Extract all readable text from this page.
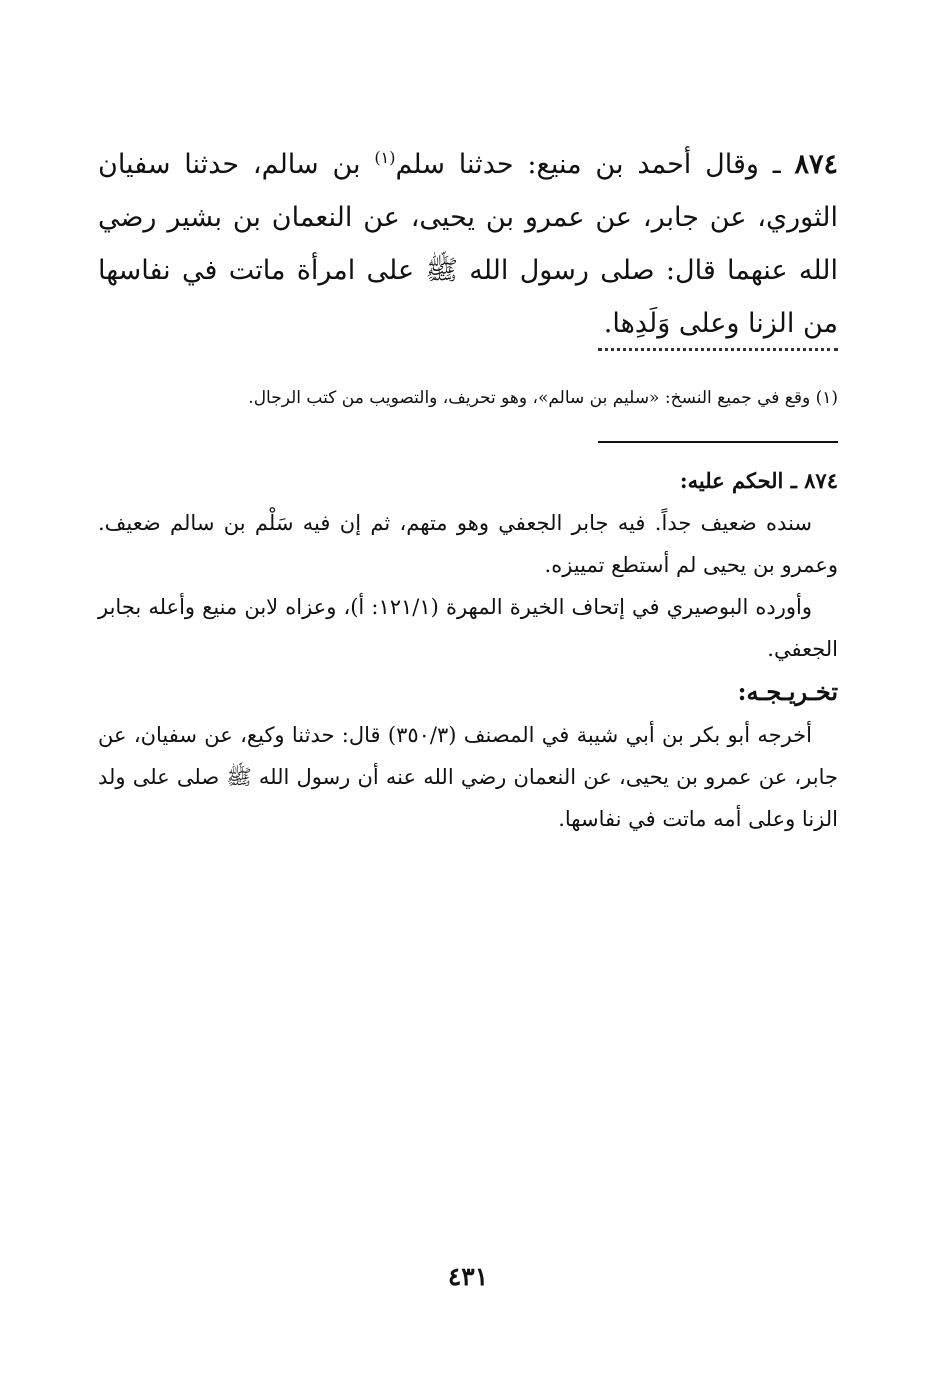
٨٧٤ ـ وقال أحمد بن منيع: حدثنا سلم$^{(١)}$ بن سالم، حدثنا سفيان الثوري، عن جابر، عن عمرو بن يحيى، عن النعمان بن بشير رضي الله عنهما قال: صلى رسول الله ﷺ على امرأة ماتت في نفاسها من الزنا وعلى وَلَدِها.
(١) وقع في جميع النسخ: «سليم بن سالم»، وهو تحريف، والتصويب من كتب الرجال.

٨٧٤ ـ الحكم عليه:

سنده ضعيف جداً. فيه جابر الجعفي وهو متهم، ثم إن فيه سَلْم بن سالم ضعيف. وعمرو بن يحيى لم أستطع تمييزه.

وأورده البوصيري في إتحاف الخيرة المهرة (١٢١/١: أ)، وعزاه لابن منيع وأعله بجابر الجعفي.

تخـريـجـه:

أخرجه أبو بكر بن أبي شيبة في المصنف (٣٥٠/٣) قال: حدثنا وكيع، عن سفيان، عن جابر، عن عمرو بن يحيى، عن النعمان رضي الله عنه أن رسول الله ﷺ صلى على ولد الزنا وعلى أمه ماتت في نفاسها.

٤٣١
